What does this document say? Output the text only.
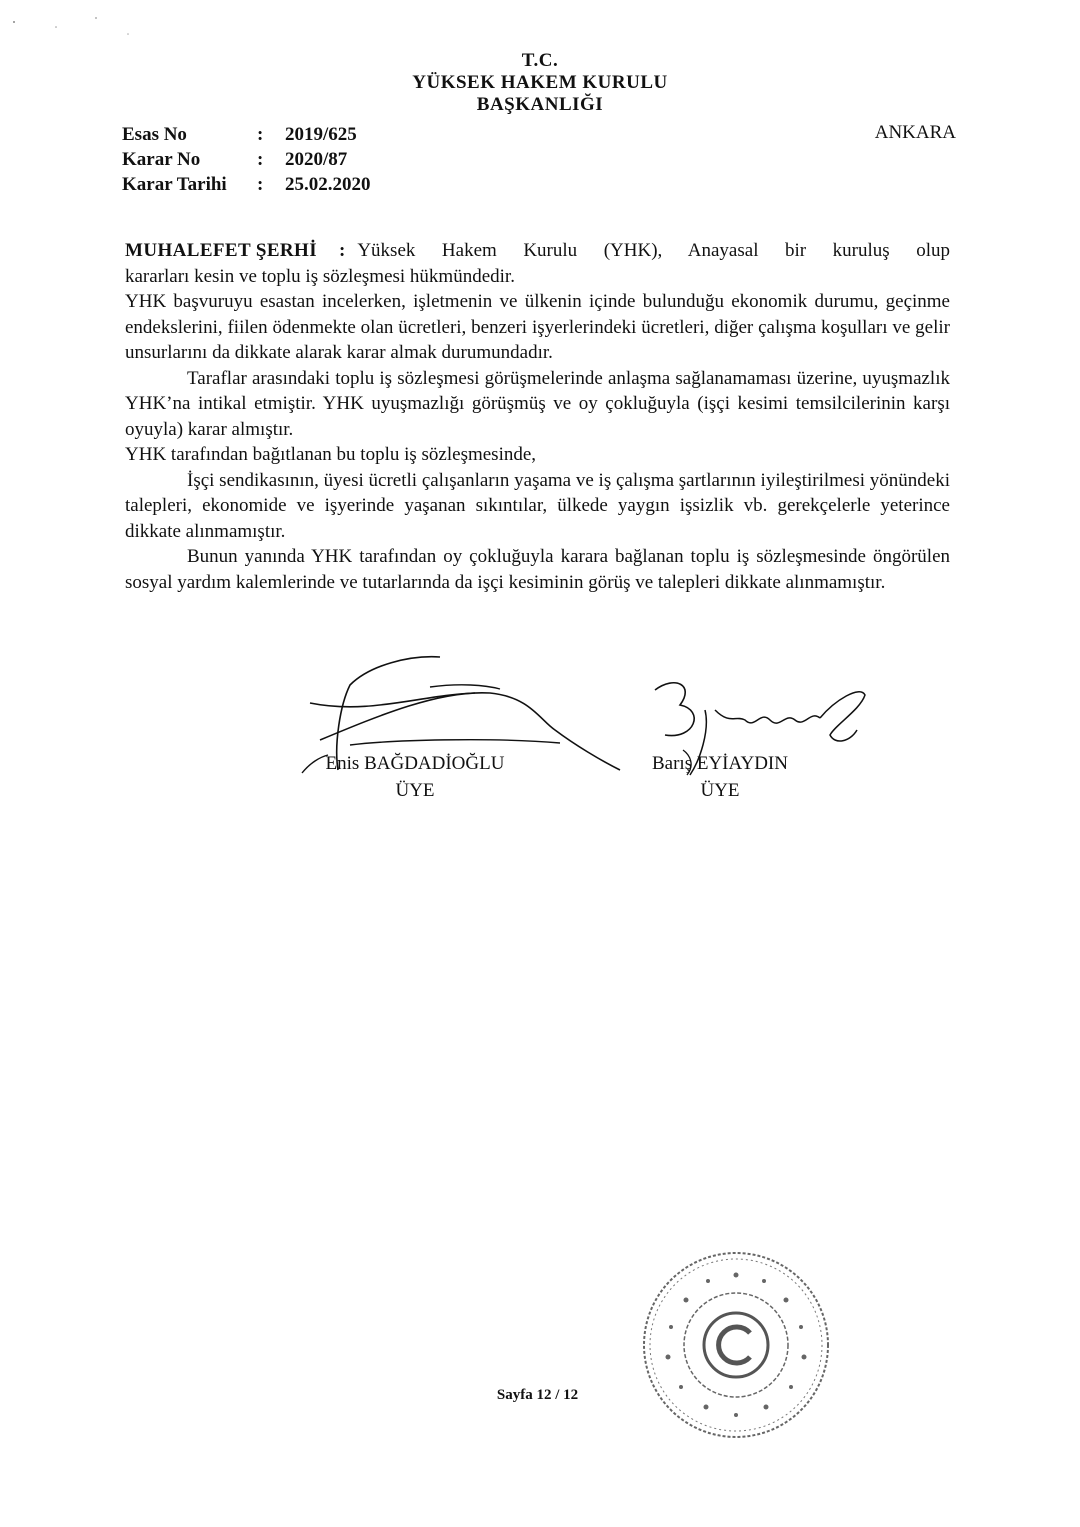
T.C.
YÜKSEK HAKEM KURULU
BAŞKANLIĞI
Esas No	:	2019/625
Karar No	:	2020/87
Karar Tarihi	:	25.02.2020
ANKARA
MUHALEFET ŞERHİ : Yüksek Hakem Kurulu (YHK), Anayasal bir kuruluş olup

kararları kesin ve toplu iş sözleşmesi hükmündedir.

YHK başvuruyu esastan incelerken, işletmenin ve ülkenin içinde bulunduğu ekonomik durumu, geçinme endekslerini, fiilen ödenmekte olan ücretleri, benzeri işyerlerindeki ücretleri, diğer çalışma koşulları ve gelir unsurlarını da dikkate alarak karar almak durumundadır.

Taraflar arasındaki toplu iş sözleşmesi görüşmelerinde anlaşma sağlanamaması üzerine, uyuşmazlık YHK’na intikal etmiştir. YHK uyuşmazlığı görüşmüş ve oy çokluğuyla (işçi kesimi temsilcilerinin karşı oyuyla) karar almıştır.

YHK tarafından bağıtlanan bu toplu iş sözleşmesinde,

İşçi sendikasının, üyesi ücretli çalışanların yaşama ve iş çalışma şartlarının iyileştirilmesi yönündeki talepleri, ekonomide ve işyerinde yaşanan sıkıntılar, ülkede yaygın işsizlik vb. gerekçelerle yeterince dikkate alınmamıştır.

Bunun yanında YHK tarafından oy çokluğuyla karara bağlanan toplu iş sözleşmesinde öngörülen sosyal yardım kalemlerinde ve tutarlarında da işçi kesiminin görüş ve talepleri dikkate alınmamıştır.

Enis BAĞDADİOĞLU
ÜYE
Barış EYİAYDIN
ÜYE
Sayfa 12 / 12
